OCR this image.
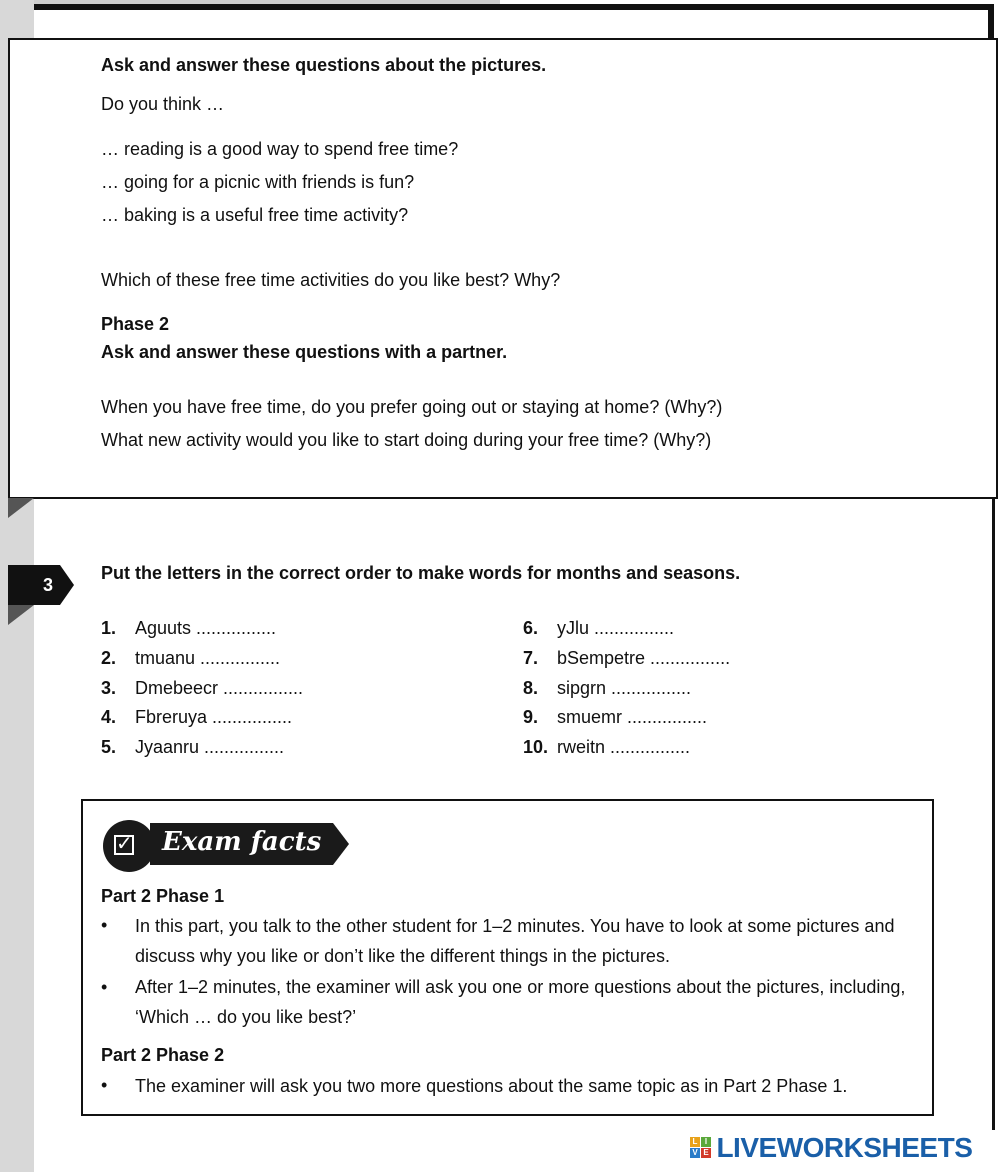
Ask and answer these questions about the pictures.
Do you think …
… reading is a good way to spend free time?
… going for a picnic with friends is fun?
… baking is a useful free time activity?
Which of these free time activities do you like best? Why?
Phase 2
Ask and answer these questions with a partner.
When you have free time, do you prefer going out or staying at home? (Why?)
What new activity would you like to start doing during your free time? (Why?)
3
Put the letters in the correct order to make words for months and seasons.
1. Aguuts ................
2. tmuanu ................
3. Dmebeecr ................
4. Fbreruya ................
5. Jyaanru ................
6. yJlu ................
7. bSempetre ................
8. sipgrn ................
9. smuemr ................
10. rweitn ................
✓ Exam facts
Part 2 Phase 1
• In this part, you talk to the other student for 1–2 minutes. You have to look at some pictures and discuss why you like or don’t like the different things in the pictures.
• After 1–2 minutes, the examiner will ask you one or more questions about the pictures, including, ‘Which … do you like best?’
Part 2 Phase 2
• The examiner will ask you two more questions about the same topic as in Part 2 Phase 1.
L I
V E LIVEWORKSHEETS
